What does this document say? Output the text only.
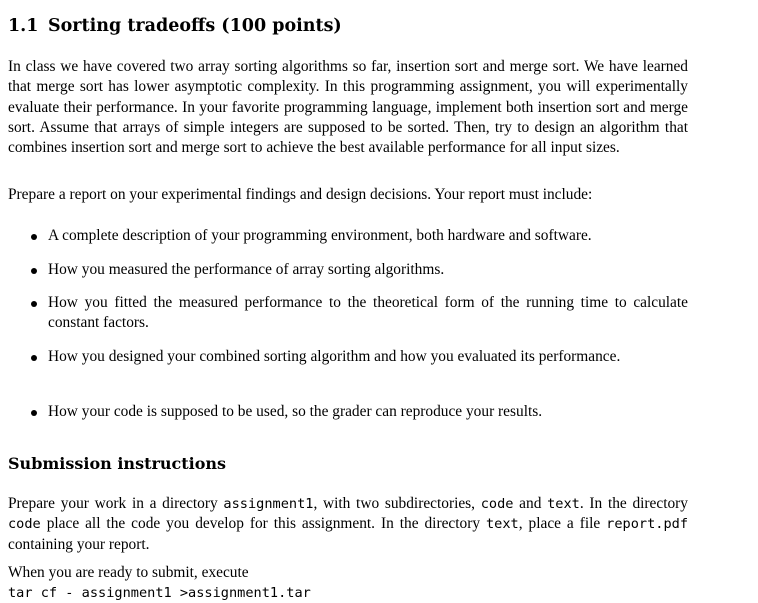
1.1 Sorting tradeoffs (100 points)

In class we have covered two array sorting algorithms so far, insertion sort and merge sort. We have learned that merge sort has lower asymptotic complexity. In this programming assignment, you will experimentally evaluate their performance. In your favorite programming language, implement both insertion sort and merge sort. Assume that arrays of simple integers are supposed to be sorted. Then, try to design an algorithm that combines insertion sort and merge sort to achieve the best available performance for all input sizes.

Prepare a report on your experimental findings and design decisions. Your report must include:

A complete description of your programming environment, both hardware and software.
How you measured the performance of array sorting algorithms.
How you fitted the measured performance to the theoretical form of the running time to calculate constant factors.
How you designed your combined sorting algorithm and how you evaluated its performance.
How your code is supposed to be used, so the grader can reproduce your results.
Submission instructions

Prepare your work in a directory assignment1, with two subdirectories, code and text. In the directory code place all the code you develop for this assignment. In the directory text, place a file report.pdf containing your report.

When you are ready to submit, execute

tar cf - assignment1 >assignment1.tar
